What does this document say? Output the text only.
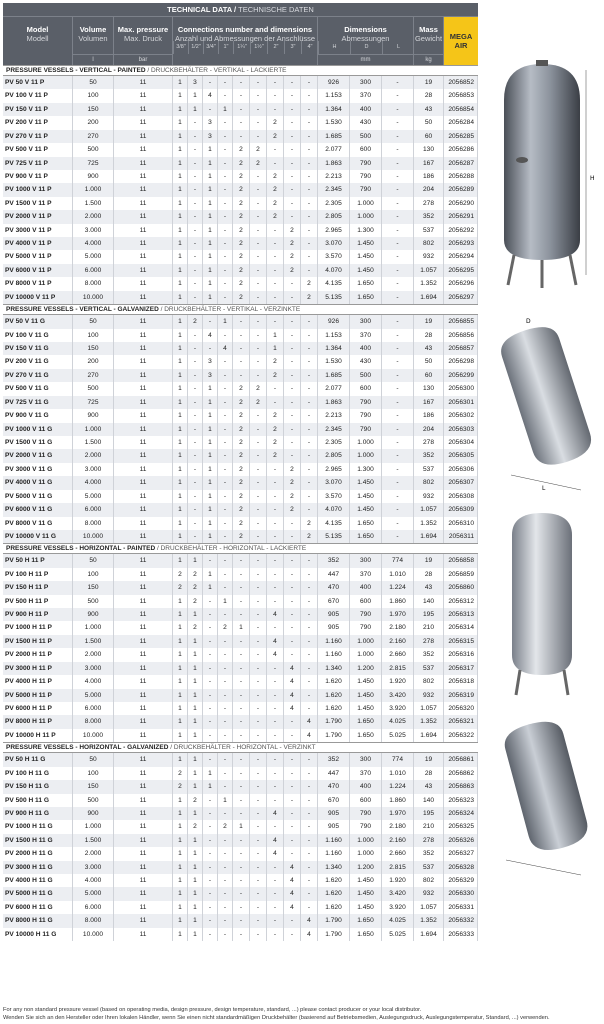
TECHNICAL DATA / TECHNISCHE DATEN
Model
Modell
Volume
Volumen
l
Max. pressure
Max. Druck
bar
Connections number and dimensions
Anzahl und Abmessungen der Anschlüsse
3/8" 1/2" 3/4"	1"	1¼"	1½"	2"	3"	4"
Dimensions
Abmessungen
mm
H	D	L
Mass
Gewicht
kg
MEGA
AIR
PRESSURE VESSELS - VERTICAL - PAINTED / DRUCKBEHÄLTER - VERTIKAL - LACKIERTE
PV 50 V 11 P	50	11	1	3	-	-	-	-	-	-	-	926	300	-	19	2056852
PV 100 V 11 P	100	11	1	1	4	-	-	-	-	-	-	1.153	370	-	28	2056853
PV 150 V 11 P	150	11	1	1	-	1	-	-	-	-	-	1.364	400	-	43	2056854
PV 200 V 11 P	200	11	1	-	3	-	-	-	2	-	-	1.530	430	-	50	2056284
PV 270 V 11 P	270	11	1	-	3	-	-	-	2	-	-	1.685	500	-	60	2056285
PV 500 V 11 P	500	11	1	-	1	-	2	2	-	-	-	2.077	600	-	130	2056286
PV 725 V 11 P	725	11	1	-	1	-	2	2	-	-	-	1.863	790	-	167	2056287
PV 900 V 11 P	900	11	1	-	1	-	2	-	2	-	-	2.213	790	-	186	2056288
PV 1000 V 11 P	1.000	11	1	-	1	-	2	-	2	-	-	2.345	790	-	204	2056289
PV 1500 V 11 P	1.500	11	1	-	1	-	2	-	2	-	-	2.305	1.000	-	278	2056290
PV 2000 V 11 P	2.000	11	1	-	1	-	2	-	2	-	-	2.805	1.000	-	352	2056291
PV 3000 V 11 P	3.000	11	1	-	1	-	2	-	-	2	-	2.965	1.300	-	537	2056292
PV 4000 V 11 P	4.000	11	1	-	1	-	2	-	-	2	-	3.070	1.450	-	802	2056293
PV 5000 V 11 P	5.000	11	1	-	1	-	2	-	-	2	-	3.570	1.450	-	932	2056294
PV 6000 V 11 P	6.000	11	1	-	1	-	2	-	-	2	-	4.070	1.450	-	1.057	2056295
PV 8000 V 11 P	8.000	11	1	-	1	-	2	-	-	-	2	4.135	1.650	-	1.352	2056296
PV 10000 V 11 P	10.000	11	1	-	1	-	2	-	-	-	2	5.135	1.650	-	1.694	2056297
PRESSURE VESSELS - VERTICAL - GALVANIZED / DRUCKBEHÄLTER - VERTIKAL - VERZINKTE
PV 50 V 11 G	50	11	1	2	-	1	-	-	-	-	-	926	300	-	19	2056855
PV 100 V 11 G	100	11	1	-	4	-	-	-	1	-	-	1.153	370	-	28	2056856
PV 150 V 11 G	150	11	1	-	-	4	-	-	1	-	-	1.364	400	-	43	2056857
PV 200 V 11 G	200	11	1	-	3	-	-	-	2	-	-	1.530	430	-	50	2056298
PV 270 V 11 G	270	11	1	-	3	-	-	-	2	-	-	1.685	500	-	60	2056299
PV 500 V 11 G	500	11	1	-	1	-	2	2	-	-	-	2.077	600	-	130	2056300
PV 725 V 11 G	725	11	1	-	1	-	2	2	-	-	-	1.863	790	-	167	2056301
PV 900 V 11 G	900	11	1	-	1	-	2	-	2	-	-	2.213	790	-	186	2056302
PV 1000 V 11 G	1.000	11	1	-	1	-	2	-	2	-	-	2.345	790	-	204	2056303
PV 1500 V 11 G	1.500	11	1	-	1	-	2	-	2	-	-	2.305	1.000	-	278	2056304
PV 2000 V 11 G	2.000	11	1	-	1	-	2	-	2	-	-	2.805	1.000	-	352	2056305
PV 3000 V 11 G	3.000	11	1	-	1	-	2	-	-	2	-	2.965	1.300	-	537	2056306
PV 4000 V 11 G	4.000	11	1	-	1	-	2	-	-	2	-	3.070	1.450	-	802	2056307
PV 5000 V 11 G	5.000	11	1	-	1	-	2	-	-	2	-	3.570	1.450	-	932	2056308
PV 6000 V 11 G	6.000	11	1	-	1	-	2	-	-	2	-	4.070	1.450	-	1.057	2056309
PV 8000 V 11 G	8.000	11	1	-	1	-	2	-	-	-	2	4.135	1.650	-	1.352	2056310
PV 10000 V 11 G	10.000	11	1	-	1	-	2	-	-	-	2	5.135	1.650	-	1.694	2056311
PRESSURE VESSELS - HORIZONTAL - PAINTED / DRUCKBEHÄLTER - HORIZONTAL - LACKIERTE
PV 50 H 11 P	50	11	1	1	-	-	-	-	-	-	-	352	300	774	19	2056858
PV 100 H 11 P	100	11	2	2	1	-	-	-	-	-	-	447	370	1.010	28	2056859
PV 150 H 11 P	150	11	2	2	1	-	-	-	-	-	-	470	400	1.224	43	2056860
PV 500 H 11 P	500	11	1	2	-	1	-	-	-	-	-	670	600	1.860	140	2056312
PV 900 H 11 P	900	11	1	1	-	-	-	-	4	-	-	905	790	1.970	195	2056313
PV 1000 H 11 P	1.000	11	1	2	-	2	1	-	-	-	-	905	790	2.180	210	2056314
PV 1500 H 11 P	1.500	11	1	1	-	-	-	-	4	-	-	1.160	1.000	2.160	278	2056315
PV 2000 H 11 P	2.000	11	1	1	-	-	-	-	4	-	-	1.160	1.000	2.660	352	2056316
PV 3000 H 11 P	3.000	11	1	1	-	-	-	-	-	4	-	1.340	1.200	2.815	537	2056317
PV 4000 H 11 P	4.000	11	1	1	-	-	-	-	-	4	-	1.620	1.450	1.920	802	2056318
PV 5000 H 11 P	5.000	11	1	1	-	-	-	-	-	4	-	1.620	1.450	3.420	932	2056319
PV 6000 H 11 P	6.000	11	1	1	-	-	-	-	-	4	-	1.620	1.450	3.920	1.057	2056320
PV 8000 H 11 P	8.000	11	1	1	-	-	-	-	-	-	4	1.790	1.650	4.025	1.352	2056321
PV 10000 H 11 P	10.000	11	1	1	-	-	-	-	-	-	4	1.790	1.650	5.025	1.694	2056322
PRESSURE VESSELS - HORIZONTAL - GALVANIZED / DRUCKBEHÄLTER - HORIZONTAL - VERZINKT
PV 50 H 11 G	50	11	1	1	-	-	-	-	-	-	-	352	300	774	19	2056861
PV 100 H 11 G	100	11	2	1	1	-	-	-	-	-	-	447	370	1.010	28	2056862
PV 150 H 11 G	150	11	2	1	1	-	-	-	-	-	-	470	400	1.224	43	2056863
PV 500 H 11 G	500	11	1	2	-	1	-	-	-	-	-	670	600	1.860	140	2056323
PV 900 H 11 G	900	11	1	1	-	-	-	-	4	-	-	905	790	1.970	195	2056324
PV 1000 H 11 G	1.000	11	1	2	-	2	1	-	-	-	-	905	790	2.180	210	2056325
PV 1500 H 11 G	1.500	11	1	1	-	-	-	-	4	-	-	1.160	1.000	2.160	278	2056326
PV 2000 H 11 G	2.000	11	1	1	-	-	-	-	4	-	-	1.160	1.000	2.660	352	2056327
PV 3000 H 11 G	3.000	11	1	1	-	-	-	-	-	4	-	1.340	1.200	2.815	537	2056328
PV 4000 H 11 G	4.000	11	1	1	-	-	-	-	-	4	-	1.620	1.450	1.920	802	2056329
PV 5000 H 11 G	5.000	11	1	1	-	-	-	-	-	4	-	1.620	1.450	3.420	932	2056330
PV 6000 H 11 G	6.000	11	1	1	-	-	-	-	-	4	-	1.620	1.450	3.920	1.057	2056331
PV 8000 H 11 G	8.000	11	1	1	-	-	-	-	-	-	4	1.790	1.650	4.025	1.352	2056332
PV 10000 H 11 G	10.000	11	1	1	-	-	-	-	-	-	4	1.790	1.650	5.025	1.694	2056333
H
L
D
For any non standard pressure vessel (based on operating media, design pressure, design temperature, standard, ...) please contact producer or your local distributor.
Wenden Sie sich an den Hersteller oder Ihren lokalen Händler, wenn Sie einen nicht standardmäßigen Druckbehälter (basierend auf Betriebsmedien, Auslegungsdruck, Auslegungstemperatur, Standard, ...) verwenden.
